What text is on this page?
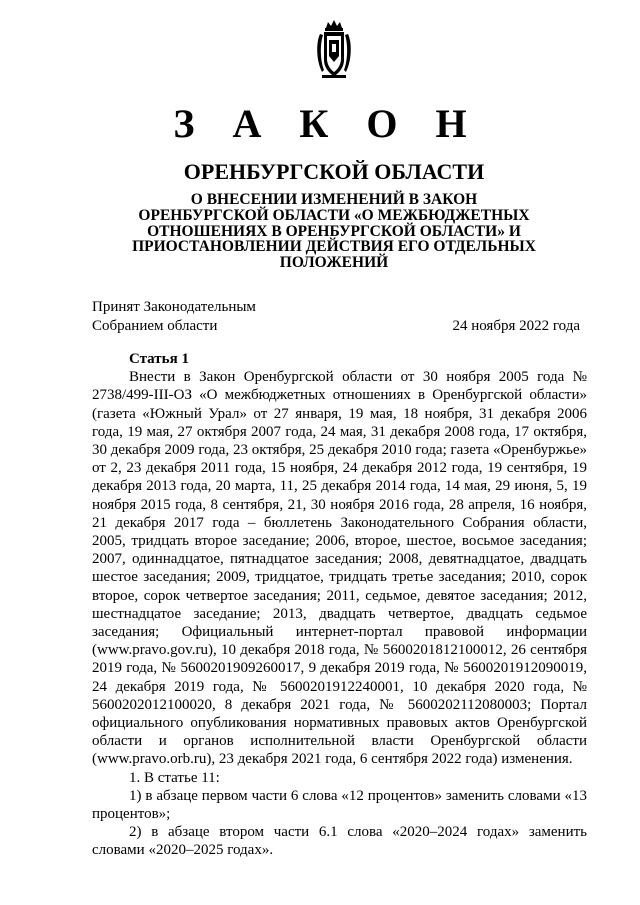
З А К О Н
ОРЕНБУРГСКОЙ ОБЛАСТИ
О ВНЕСЕНИИ ИЗМЕНЕНИЙ В ЗАКОН ОРЕНБУРГСКОЙ ОБЛАСТИ «О МЕЖБЮДЖЕТНЫХ ОТНОШЕНИЯХ В ОРЕНБУРГСКОЙ ОБЛАСТИ» И ПРИОСТАНОВЛЕНИИ ДЕЙСТВИЯ ЕГО ОТДЕЛЬНЫХ ПОЛОЖЕНИЙ
Принят Законодательным
Собранием области	24 ноября 2022 года
Статья 1

Внести в Закон Оренбургской области от 30 ноября 2005 года № 2738/499-III-ОЗ «О межбюджетных отношениях в Оренбургской области» (газета «Южный Урал» от 27 января, 19 мая, 18 ноября, 31 декабря 2006 года, 19 мая, 27 октября 2007 года, 24 мая, 31 декабря 2008 года, 17 октября, 30 декабря 2009 года, 23 октября, 25 декабря 2010 года; газета «Оренбуржье» от 2, 23 декабря 2011 года, 15 ноября, 24 декабря 2012 года, 19 сентября, 19 декабря 2013 года, 20 марта, 11, 25 декабря 2014 года, 14 мая, 29 июня, 5, 19 ноября 2015 года, 8 сентября, 21, 30 ноября 2016 года, 28 апреля, 16 ноября, 21 декабря 2017 года – бюллетень Законодательного Собрания области, 2005, тридцать второе заседание; 2006, второе, шестое, восьмое заседания; 2007, одиннадцатое, пятнадцатое заседания; 2008, девятнадцатое, двадцать шестое заседания; 2009, тридцатое, тридцать третье заседания; 2010, сорок второе, сорок четвертое заседания; 2011, седьмое, девятое заседания; 2012, шестнадцатое заседание; 2013, двадцать четвертое, двадцать седьмое заседания; Официальный интернет-портал правовой информации (www.pravo.gov.ru), 10 декабря 2018 года, № 5600201812100012, 26 сентября 2019 года, № 5600201909260017, 9 декабря 2019 года, № 5600201912090019, 24 декабря 2019 года, № 5600201912240001, 10 декабря 2020 года, № 5600202012100020, 8 декабря 2021 года, № 5600202112080003; Портал официального опубликования нормативных правовых актов Оренбургской области и органов исполнительной власти Оренбургской области (www.pravo.orb.ru), 23 декабря 2021 года, 6 сентября 2022 года) изменения.

1. В статье 11:

1) в абзаце первом части 6 слова «12 процентов» заменить словами «13 процентов»;

2) в абзаце втором части 6.1 слова «2020–2024 годах» заменить словами «2020–2025 годах».
